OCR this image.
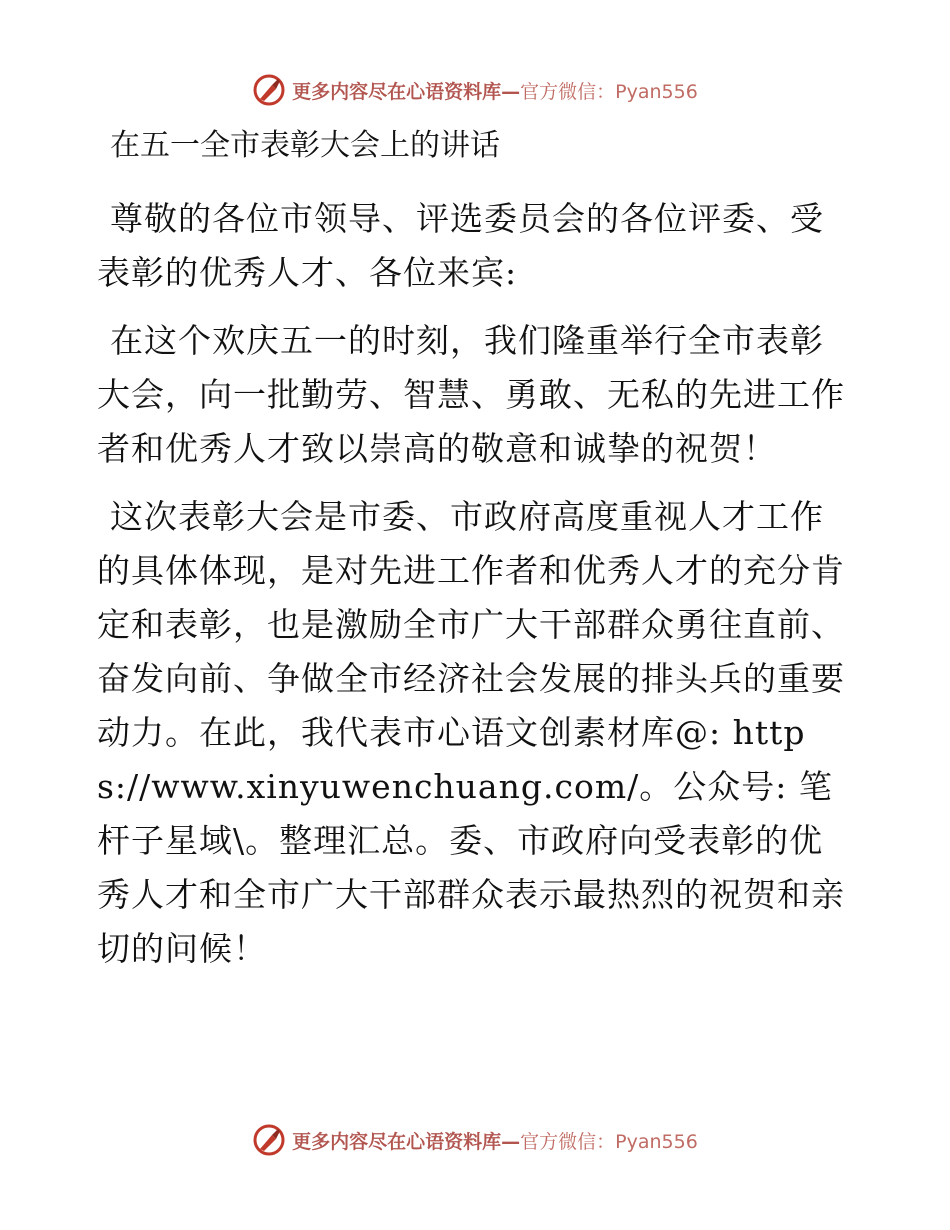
更多内容尽在心语资料库—官方微信：Pyan556
在五一全市表彰大会上的讲话

尊敬的各位市领导、评选委员会的各位评委、受表彰的优秀人才、各位来宾:

在这个欢庆五一的时刻，我们隆重举行全市表彰大会，向一批勤劳、智慧、勇敢、无私的先进工作者和优秀人才致以崇高的敬意和诚挚的祝贺！

这次表彰大会是市委、市政府高度重视人才工作的具体体现，是对先进工作者和优秀人才的充分肯定和表彰，也是激励全市广大干部群众勇往直前、奋发向前、争做全市经济社会发展的排头兵的重要动力。在此，我代表市心语文创素材库@: https://www.xinyuwenchuang.com/。公众号: 笔杆子星域\。整理汇总。委、市政府向受表彰的优秀人才和全市广大干部群众表示最热烈的祝贺和亲切的问候！

更多内容尽在心语资料库—官方微信：Pyan556
